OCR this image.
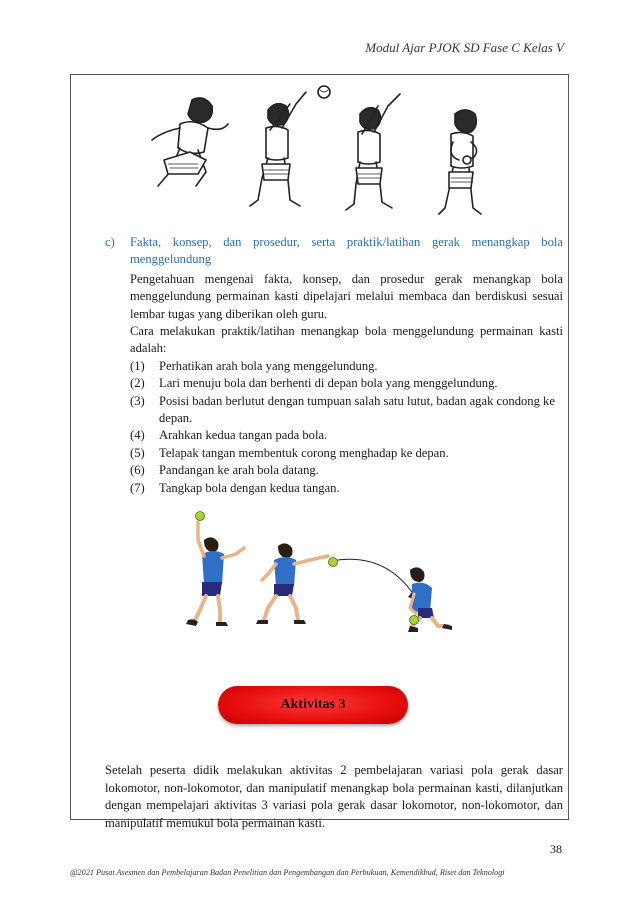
Modul Ajar PJOK SD Fase C Kelas V
c)	Fakta, konsep, dan prosedur, serta praktik/latihan gerak menangkap bola menggelundung

Pengetahuan mengenai fakta, konsep, dan prosedur gerak menangkap bola menggelundung permainan kasti dipelajari melalui membaca dan berdiskusi sesuai lembar tugas yang diberikan oleh guru.

Cara melakukan praktik/latihan menangkap bola menggelundung permainan kasti adalah:

(1)	Perhatikan arah bola yang menggelundung.
(2)	Lari menuju bola dan berhenti di depan bola yang menggelundung.
(3)	Posisi badan berlutut dengan tumpuan salah satu lutut, badan agak condong ke depan.
(4)	Arahkan kedua tangan pada bola.
(5)	Telapak tangan membentuk corong menghadap ke depan.
(6)	Pandangan ke arah bola datang.
(7)	Tangkap bola dengan kedua tangan.
Aktivitas 3
Setelah peserta didik melakukan aktivitas 2 pembelajaran variasi pola gerak dasar lokomotor, non-lokomotor, dan manipulatif menangkap bola permainan kasti, dilanjutkan dengan mempelajari aktivitas 3 variasi pola gerak dasar lokomotor, non-lokomotor, dan manipulatif memukul bola permainan kasti.
38
@2021 Pusat Asesmen dan Pembelajaran Badan Penelitian dan Pengembangan dan Perbukuan, Kemendikbud, Riset dan Teknologi
